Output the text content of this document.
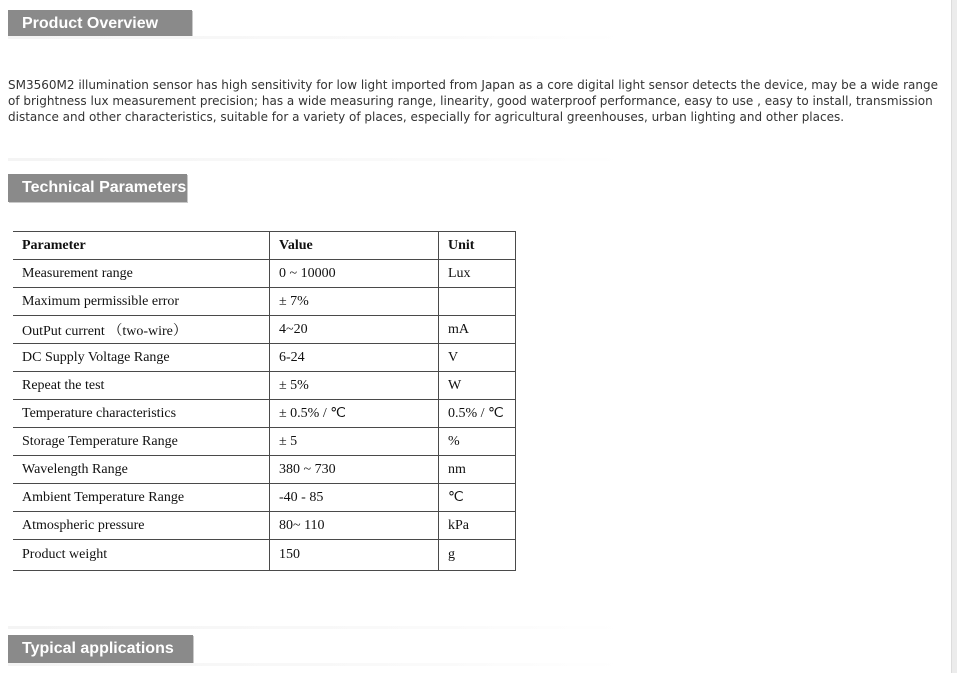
Product Overview

SM3560M2 illumination sensor has high sensitivity for low light imported from Japan as a core digital light sensor detects the device, may be a wide range of brightness lux measurement precision; has a wide measuring range, linearity, good waterproof performance, easy to use , easy to install, transmission distance and other characteristics, suitable for a variety of places, especially for agricultural greenhouses, urban lighting and other places.

Technical Parameters
Parameter	Value	Unit
Measurement range	0 ~ 10000	Lux
Maximum permissible error	± 7%	
OutPut current （two-wire）	4~20	mA
DC Supply Voltage Range	6-24	V
Repeat the test	± 5%	W
Temperature characteristics	± 0.5% / ℃	0.5% / ℃
Storage Temperature Range	± 5	%
Wavelength Range	380 ~ 730	nm
Ambient Temperature Range	-40 - 85	℃
Atmospheric pressure	80~ 110	kPa
Product weight	150	g
Typical applications
